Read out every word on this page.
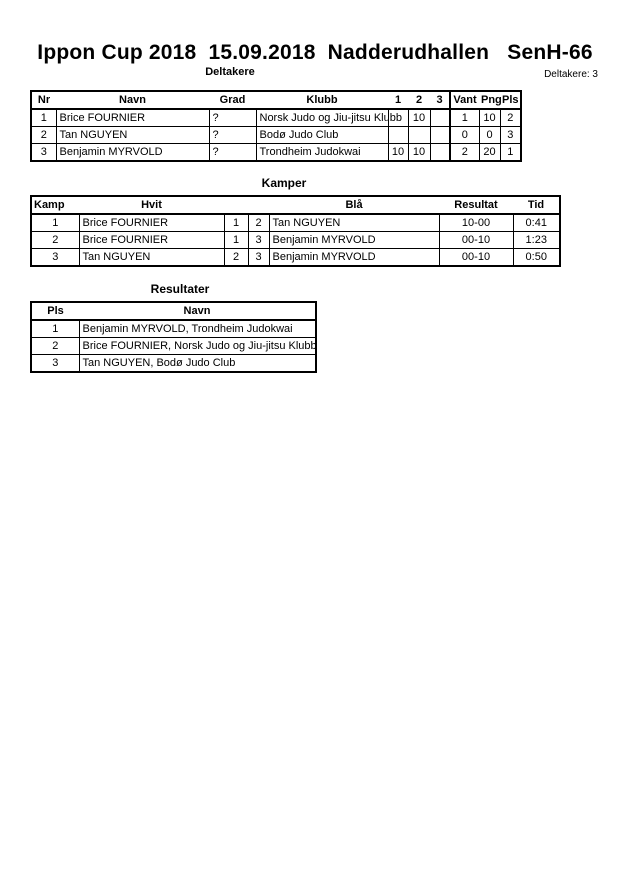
Ippon Cup 2018  15.09.2018  Nadderudhallen   SenH-66
Deltakere	Deltakere: 3
Nr	Navn	Grad	Klubb	1	2	3	Vant	Png	Pls
1	Brice FOURNIER	?	Norsk Judo og Jiu-jitsu Klubb		10		1	10	2
2	Tan NGUYEN	?	Bodø Judo Club				0	0	3
3	Benjamin MYRVOLD	?	Trondheim Judokwai	10	10		2	20	1
Kamper
Kamp	Hvit			Blå	Resultat	Tid
1	Brice FOURNIER	1	2	Tan NGUYEN	10-00	0:41
2	Brice FOURNIER	1	3	Benjamin MYRVOLD	00-10	1:23
3	Tan NGUYEN	2	3	Benjamin MYRVOLD	00-10	0:50
Resultater
Pls	Navn
1	Benjamin MYRVOLD, Trondheim Judokwai
2	Brice FOURNIER, Norsk Judo og Jiu-jitsu Klubb
3	Tan NGUYEN, Bodø Judo Club
